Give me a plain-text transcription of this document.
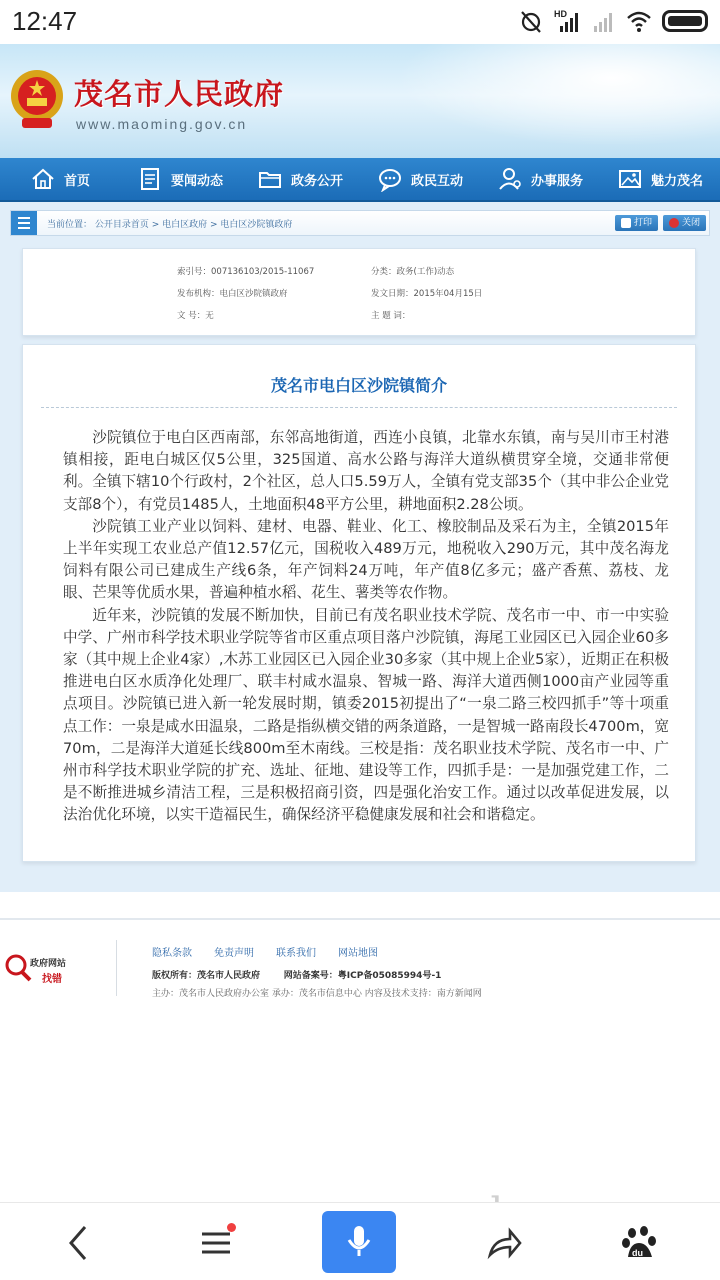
12:47	HD
茂名市人民政府
www.maoming.gov.cn
首页	要闻动态	政务公开	政民互动	办事服务	魅力茂名
当前位置： 公开目录首页 > 电白区政府 > 电白区沙院镇政府	打印	关闭
索引号：007136103/2015-11067	分类：政务(工作)动态
发布机构：电白区沙院镇政府	发文日期：2015年04月15日
文 号：无	主 题 词：
茂名市电白区沙院镇简介

沙院镇位于电白区西南部，东邻高地街道，西连小良镇，北靠水东镇，南与吴川市王村港镇相接，距电白城区仅5公里，325国道、高水公路与海洋大道纵横贯穿全境，交通非常便利。全镇下辖10个行政村，2个社区，总人口5.59万人，全镇有党支部35个（其中非公企业党支部8个），有党员1485人，土地面积48平方公里，耕地面积2.28公顷。

沙院镇工业产业以饲料、建材、电器、鞋业、化工、橡胶制品及采石为主，全镇2015年上半年实现工农业总产值12.57亿元，国税收入489万元，地税收入290万元，其中茂名海龙饲料有限公司已建成生产线6条，年产饲料24万吨，年产值8亿多元；盛产香蕉、荔枝、龙眼、芒果等优质水果，普遍种植水稻、花生、薯类等农作物。

近年来，沙院镇的发展不断加快，目前已有茂名职业技术学院、茂名市一中、市一中实验中学、广州市科学技术职业学院等省市区重点项目落户沙院镇，海尾工业园区已入园企业60多家（其中规上企业4家）,木苏工业园区已入园企业30多家（其中规上企业5家），近期正在积极推进电白区水质净化处理厂、联丰村咸水温泉、智城一路、海洋大道西侧1000亩产业园等重点项目。沙院镇已进入新一轮发展时期，镇委2015初提出了“一泉二路三校四抓手”等十项重点工作：一泉是咸水田温泉，二路是指纵横交错的两条道路，一是智城一路南段长4700m，宽70m，二是海洋大道延长线800m至木南线。三校是指：茂名职业技术学院、茂名市一中、广州市科学技术职业学院的扩充、选址、征地、建设等工作，四抓手是：一是加强党建工作，二是不断推进城乡清洁工程，三是积极招商引资，四是强化治安工作。通过以改革促进发展，以法治优化环境，以实干造福民生，确保经济平稳健康发展和社会和谐稳定。

政府网站
找错
隐私条款 免责声明 联系我们 网站地图
版权所有：茂名市人民政府	网站备案号：粤ICP备05085994号-1
主办：茂名市人民政府办公室 承办：茂名市信息中心 内容及技术支持：南方新闻网
du
